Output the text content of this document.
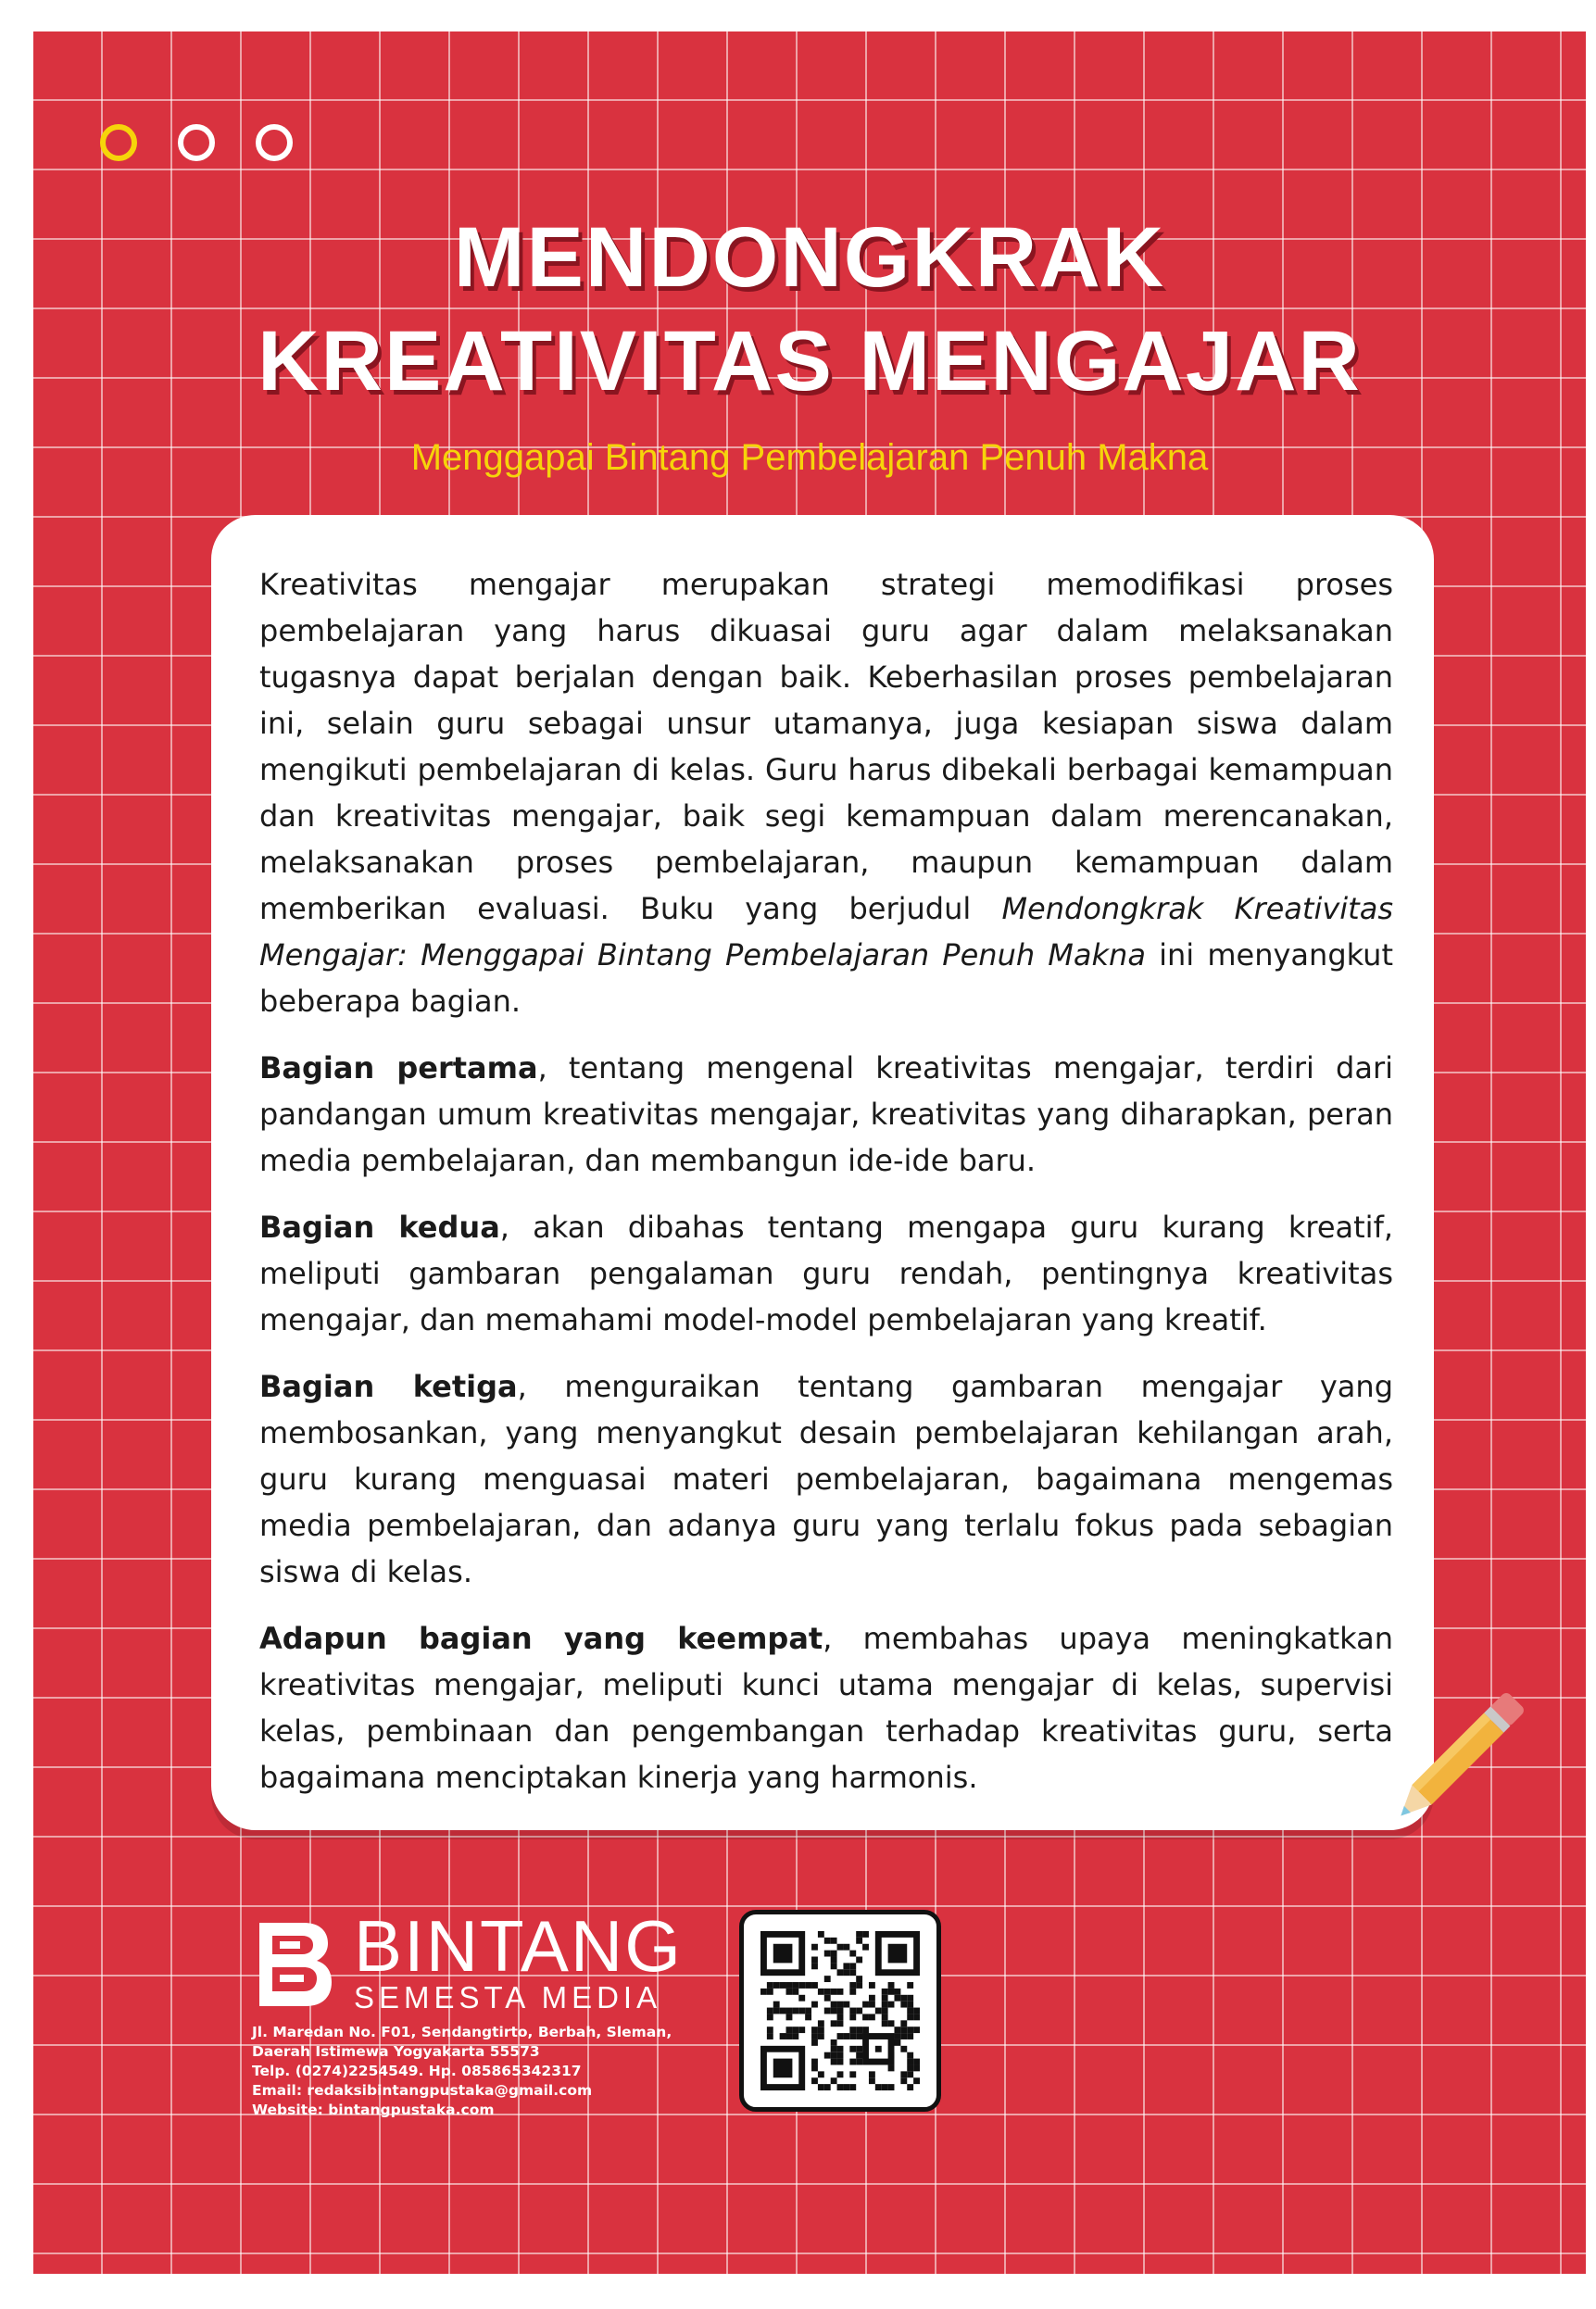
MENDONGKRAK
KREATIVITAS MENGAJAR
Menggapai Bintang Pembelajaran Penuh Makna

Kreativitas mengajar merupakan strategi memodifikasi proses pembelajaran yang harus dikuasai guru agar dalam melaksanakan tugasnya dapat berjalan dengan baik. Keberhasilan proses pembelajaran ini, selain guru sebagai unsur utamanya, juga kesiapan siswa dalam mengikuti pembelajaran di kelas. Guru harus dibekali berbagai kemampuan dan kreativitas mengajar, baik segi kemampuan dalam merencanakan, melaksanakan proses pembelajaran, maupun kemampuan dalam memberikan evaluasi. Buku yang berjudul Mendongkrak Kreativitas Mengajar: Menggapai Bintang Pembelajaran Penuh Makna ini menyangkut beberapa bagian.

Bagian pertama, tentang mengenal kreativitas mengajar, terdiri dari pandangan umum kreativitas mengajar, kreativitas yang diharapkan, peran media pembelajaran, dan membangun ide-ide baru.

Bagian kedua, akan dibahas tentang mengapa guru kurang kreatif, meliputi gambaran pengalaman guru rendah, pentingnya kreativitas mengajar, dan memahami model-model pembelajaran yang kreatif.

Bagian ketiga, menguraikan tentang gambaran mengajar yang membosankan, yang menyangkut desain pembelajaran kehilangan arah, guru kurang menguasai materi pembelajaran, bagaimana mengemas media pembelajaran, dan adanya guru yang terlalu fokus pada sebagian siswa di kelas.

Adapun bagian yang keempat, membahas upaya meningkatkan kreativitas mengajar, meliputi kunci utama mengajar di kelas, supervisi kelas, pembinaan dan pengembangan terhadap kreativitas guru, serta bagaimana menciptakan kinerja yang harmonis.

BINTANG
SEMESTA MEDIA
Jl. Maredan No. F01, Sendangtirto, Berbah, Sleman,
Daerah Istimewa Yogyakarta 55573
Telp. (0274)2254549. Hp. 085865342317
Email: redaksibintangpustaka@gmail.com
Website: bintangpustaka.com
